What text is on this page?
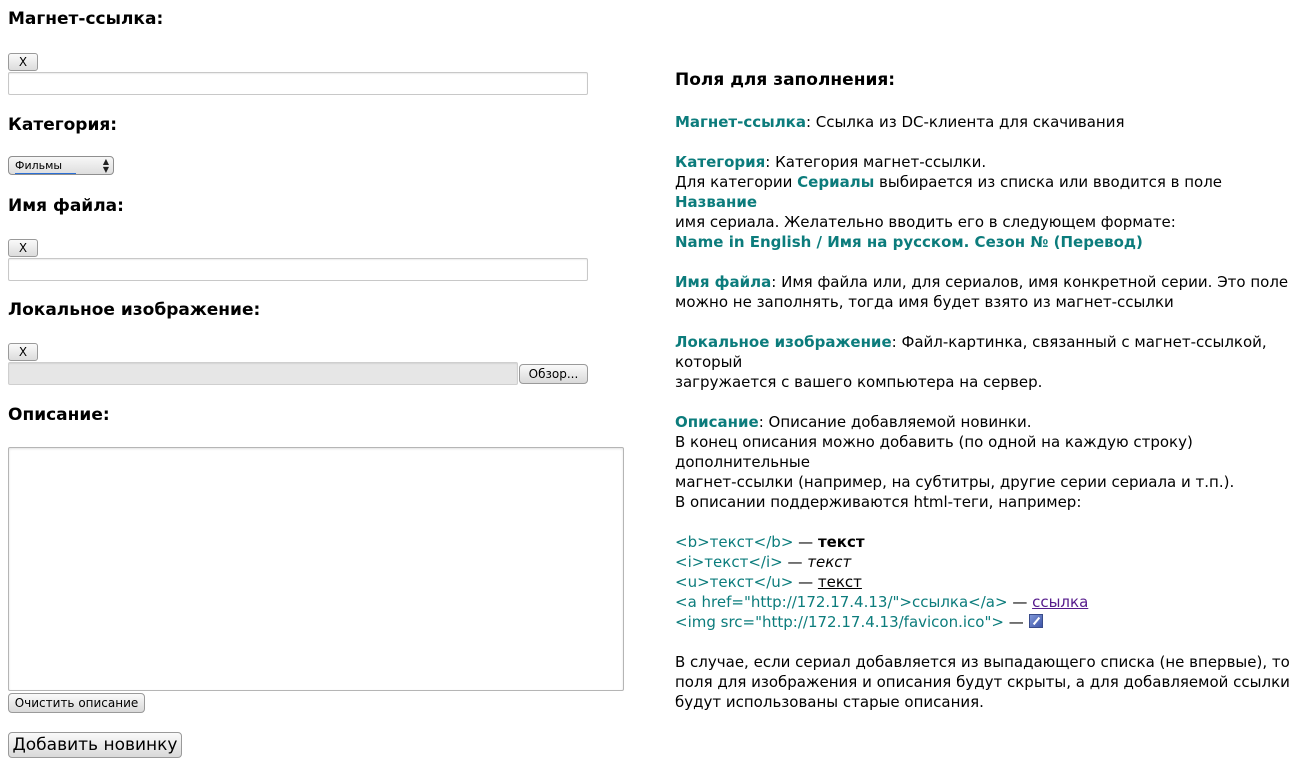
Магнет-ссылка:
X
Категория:
Фильмы	▲
▼
Имя файла:
X
Локальное изображение:
X
Обзор...
Описание:
Очистить описание
Добавить новинку

Поля для заполнения:

Магнет-ссылка: Ссылка из DC-клиента для скачивания

Категория: Категория магнет-ссылки.

Для категории Сериалы выбирается из списка или вводится в поле Название

имя сериала. Желательно вводить его в следующем формате:

Name in English / Имя на русском. Сезон № (Перевод)

Имя файла: Имя файла или, для сериалов, имя конкретной серии. Это поле

можно не заполнять, тогда имя будет взято из магнет-ссылки

Локальное изображение: Файл-картинка, связанный с магнет-ссылкой, который

загружается с вашего компьютера на сервер.

Описание: Описание добавляемой новинки.

В конец описания можно добавить (по одной на каждую строку) дополнительные

магнет-ссылки (например, на субтитры, другие серии сериала и т.п.).

В описании поддерживаются html-теги, например:

<b>текст</b> — текст

<i>текст</i> — текст

<u>текст</u> — текст

<a href="http://172.17.4.13/">ссылка</a> — ссылка

<img src="http://172.17.4.13/favicon.ico"> —

В случае, если сериал добавляется из выпадающего списка (не впервые), то

поля для изображения и описания будут скрыты, а для добавляемой ссылки

будут использованы старые описания.
